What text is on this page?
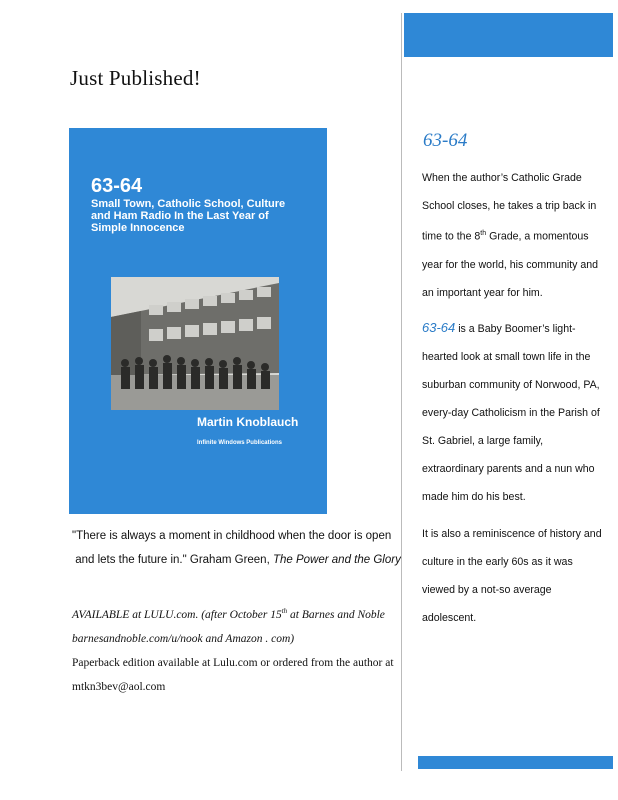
Just Published!
63-64
Small Town, Catholic School, Culture and Ham Radio In the Last Year of Simple Innocence
Martin Knoblauch
Infinite Windows Publications
"There is always a moment in childhood when the door is open
and lets the future in." Graham Green, The Power and the Glory
AVAILABLE at LULU.com. (after October 15th at Barnes and Noble
barnesandnoble.com/u/nook and Amazon . com)
Paperback edition available at Lulu.com or ordered from the author at
mtkn3bev@aol.com
63-64
When the author’s Catholic Grade School closes, he takes a trip back in time to the 8th Grade, a momentous year for the world, his community and an important year for him.
63-64 is a Baby Boomer’s light-hearted look at small town life in the suburban community of Norwood, PA, every-day Catholicism in the Parish of St. Gabriel, a large family, extraordinary parents and a nun who made him do his best.
It is also a reminiscence of history and culture in the early 60s as it was viewed by a not-so average adolescent.
